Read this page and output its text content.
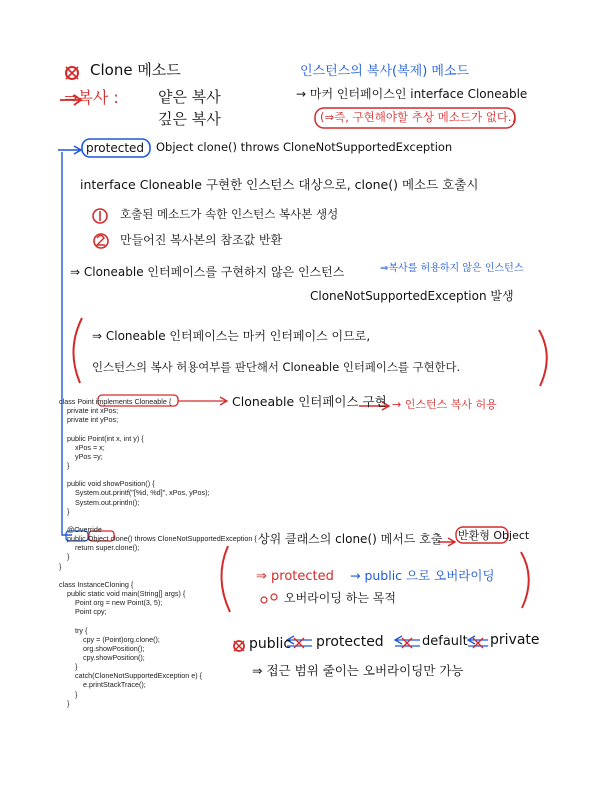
Clone 메소드
⇒복사 :	얕은 복사
깊은 복사
인스턴스의 복사(복제) 메소드
→ 마커 인터페이스인 interface Cloneable
(⇒즉, 구현해야할 추상 메소드가 없다.)
protected Object clone() throws CloneNotSupportedException
interface Cloneable 구현한 인스턴스 대상으로, clone() 메소드 호출시
호출된 메소드가 속한 인스턴스 복사본 생성
만들어진 복사본의 참조값 반환
⇒ Cloneable 인터페이스를 구현하지 않은 인스턴스	⇒복사를 허용하지 않은 인스턴스
CloneNotSupportedException 발생
⇒ Cloneable 인터페이스는 마커 인터페이스 이므로,
인스턴스의 복사 허용여부를 판단해서 Cloneable 인터페이스를 구현한다.
Cloneable 인터페이스 구현 → 인스턴스 복사 허용
상위 클래스의 clone() 메서드 호출 반환형 Object
⇒ protected → public 으로 오버라이딩
오버라이딩 하는 목적
public protected	default private
⇒ 접근 범위 줄이는 오버라이딩만 가능
class Point implements Cloneable {
private int xPos;
private int yPos;
public Point(int x, int y) {
xPos = x;
yPos =y;
}
public void showPosition() {
System.out.printf("[%d, %d]", xPos, yPos);
System.out.println();
}
@Override
public Object clone() throws CloneNotSupportedException {
return super.clone();
}
}
class InstanceCloning {
public static void main(String[] args) {
Point org = new Point(3, 5);
Point cpy;
try {
cpy = (Point)org.clone();
org.showPosition();
cpy.showPosition();
}
catch(CloneNotSupportedException e) {
e.printStackTrace();
}
}
